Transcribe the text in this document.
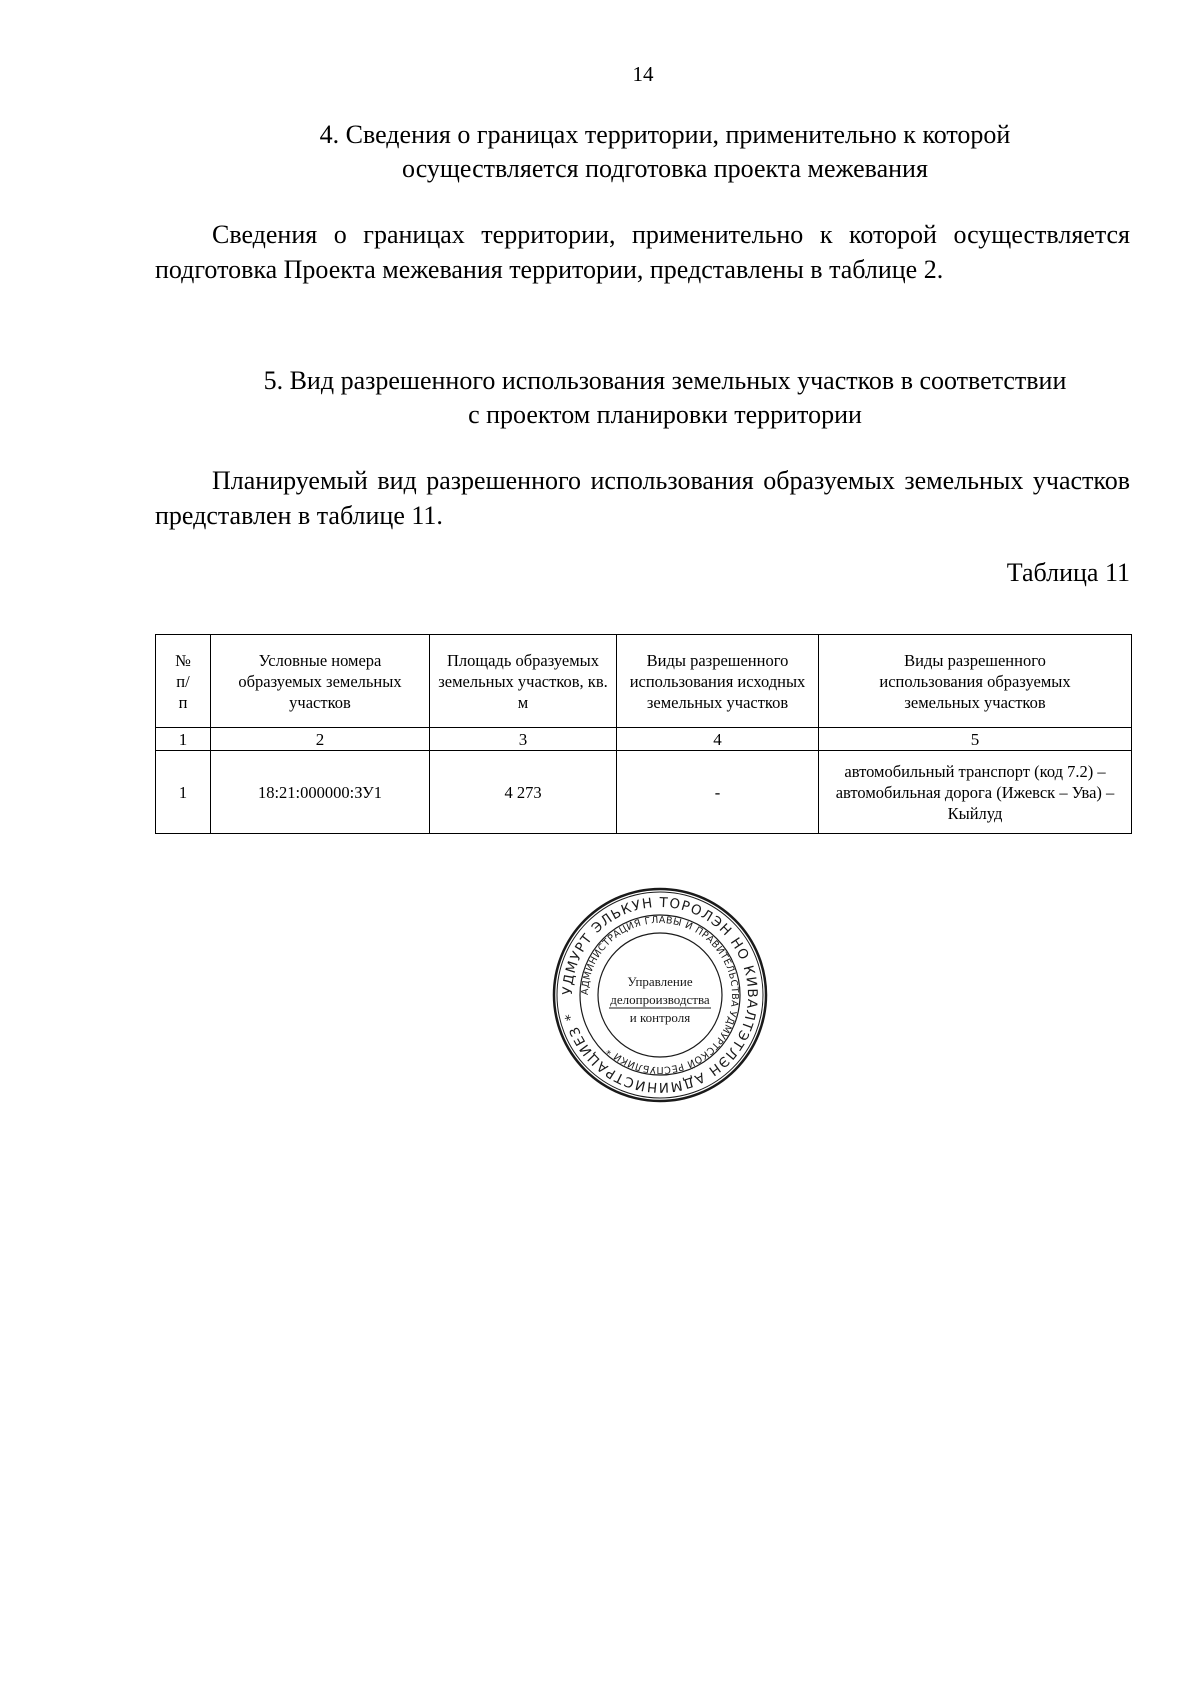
14
4. Сведения о границах территории, применительно к которой
осуществляется подготовка проекта межевания
Сведения о границах территории, применительно к которой осуществляется подготовка Проекта межевания территории, представлены в таблице 2.
5. Вид разрешенного использования земельных участков в соответствии
с проектом планировки территории
Планируемый вид разрешенного использования образуемых земельных участков представлен в таблице 11.
Таблица 11
№ п/п	Условные номера образуемых земельных участков	Площадь образуемых земельных участков, кв. м	Виды разрешенного использования исходных земельных участков	Виды разрешенного использования образуемых земельных участков
1	2	3	4	5
1	18:21:000000:ЗУ1	4 273	-	автомобильный транспорт (код 7.2) – автомобильная дорога (Ижевск – Ува) – Кыйлуд
УДМУРТ ЭЛЬКУН ТОРОЛЭН НО КИВАЛТЭТЛЭН АДМИНИСТРАЦИЕЗ *
АДМИНИСТРАЦИЯ ГЛАВЫ И ПРАВИТЕЛЬСТВА УДМУРТСКОЙ РЕСПУБЛИКИ *
Управление
делопроизводства
и контроля
